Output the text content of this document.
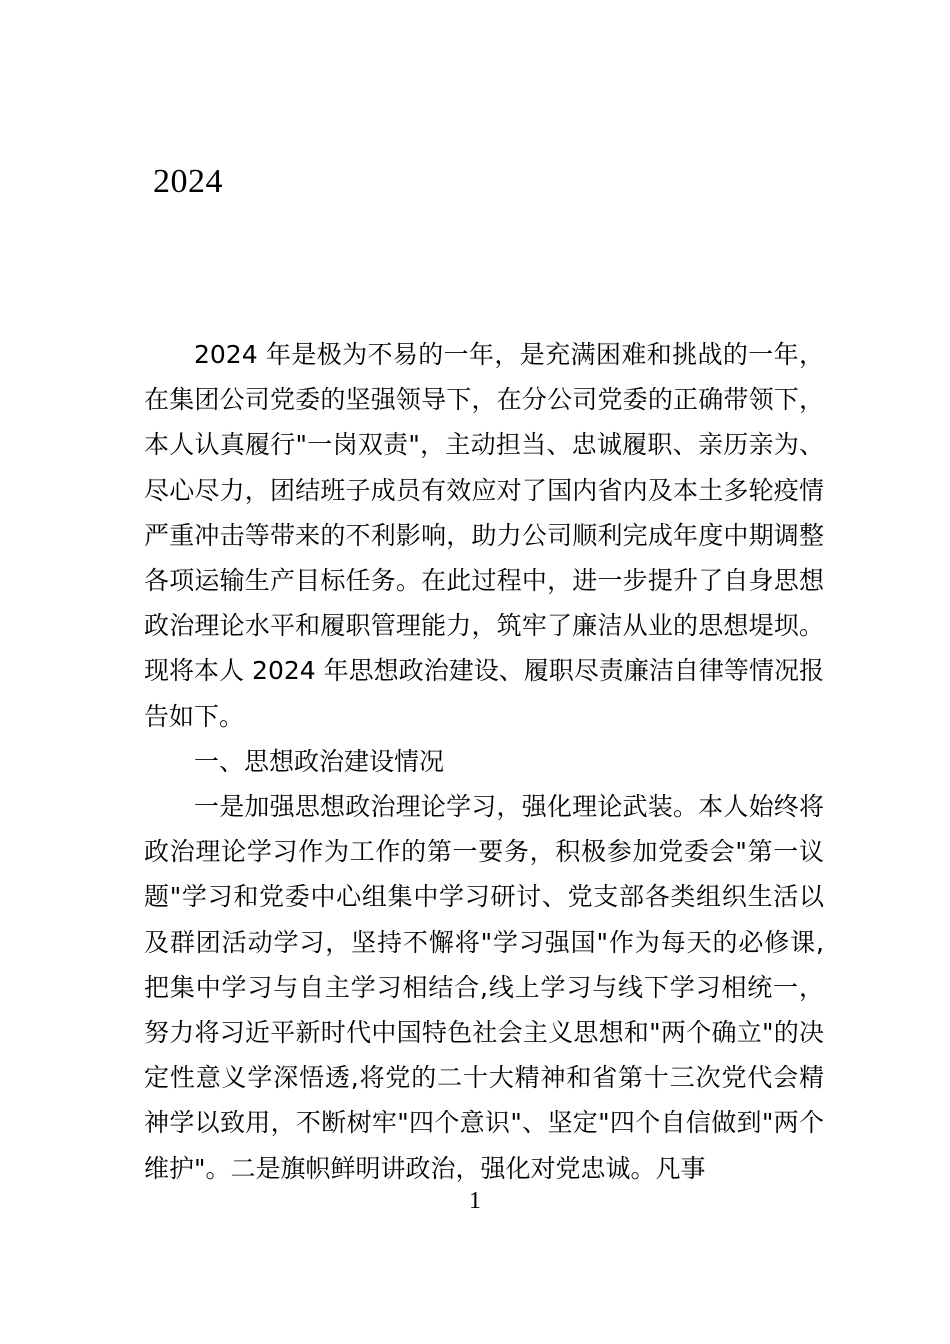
2024

2024 年是极为不易的一年，是充满困难和挑战的一年，在集团公司党委的坚强领导下，在分公司党委的正确带领下，本人认真履行"一岗双责"，主动担当、忠诚履职、亲历亲为、尽心尽力，团结班子成员有效应对了国内省内及本土多轮疫情严重冲击等带来的不利影响，助力公司顺利完成年度中期调整各项运输生产目标任务。在此过程中，进一步提升了自身思想政治理论水平和履职管理能力，筑牢了廉洁从业的思想堤坝。现将本人 2024 年思想政治建设、履职尽责廉洁自律等情况报告如下。

一、思想政治建设情况

一是加强思想政治理论学习，强化理论武装。本人始终将政治理论学习作为工作的第一要务，积极参加党委会"第一议题"学习和党委中心组集中学习研讨、党支部各类组织生活以及群团活动学习，坚持不懈将"学习强国"作为每天的必修课,把集中学习与自主学习相结合,线上学习与线下学习相统一，努力将习近平新时代中国特色社会主义思想和"两个确立"的决定性意义学深悟透,将党的二十大精神和省第十三次党代会精神学以致用，不断树牢"四个意识"、坚定"四个自信做到"两个维护"。二是旗帜鲜明讲政治，强化对党忠诚。凡事

1
